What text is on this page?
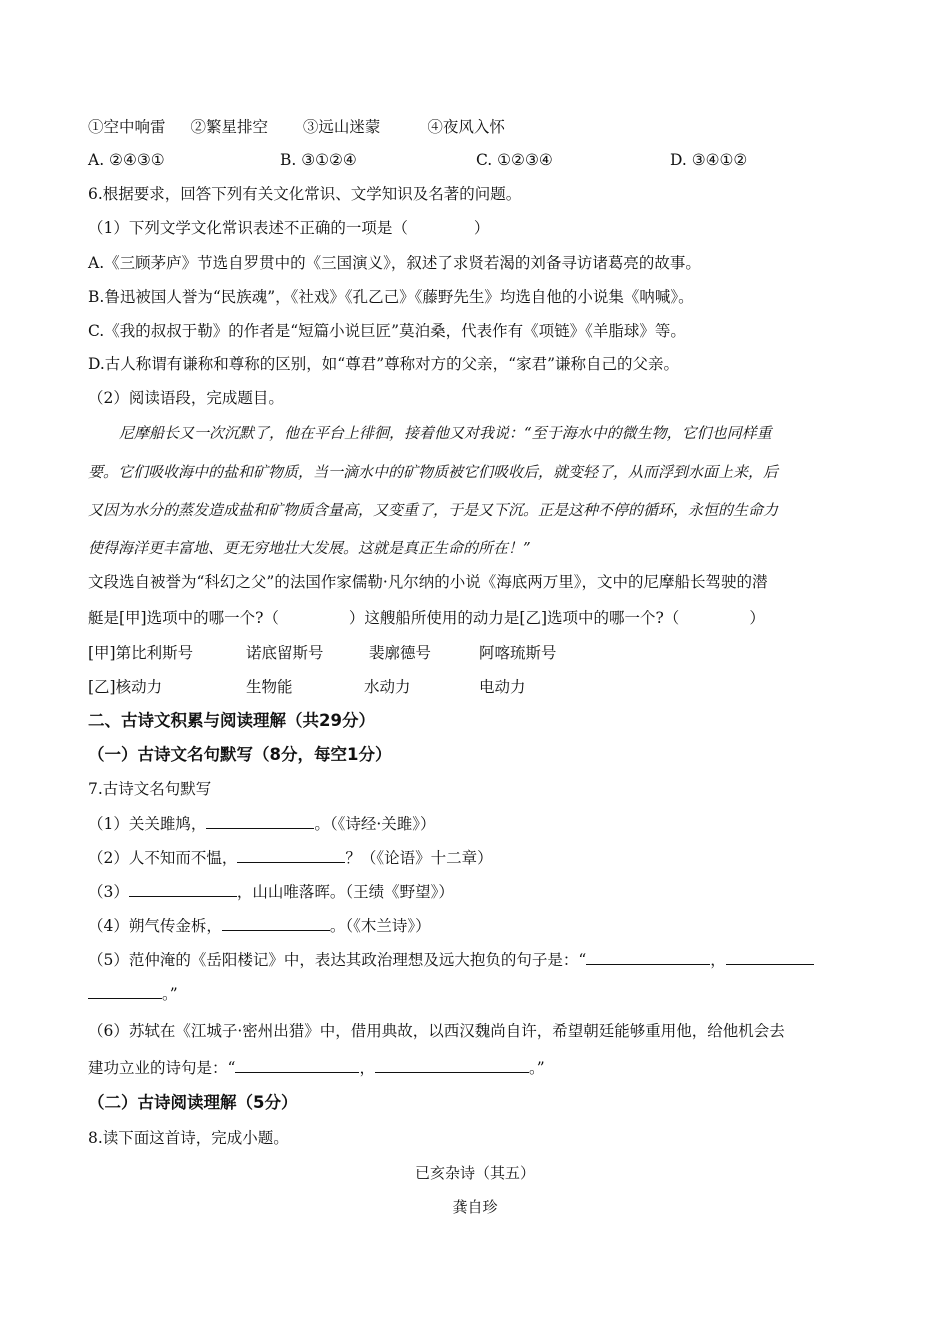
①空中响雷 ②繁星排空 ③远山迷蒙	④夜风入怀
A. ②④③①	B. ③①②④	C. ①②③④	D. ③④①②
6.根据要求，回答下列有关文化常识、文学知识及名著的问题。
（1）下列文学文化常识表述不正确的一项是（	）
A.《三顾茅庐》节选自罗贯中的《三国演义》，叙述了求贤若渴的刘备寻访诸葛亮的故事。
B.鲁迅被国人誉为“民族魂”，《社戏》《孔乙己》《藤野先生》均选自他的小说集《呐喊》。
C.《我的叔叔于勒》的作者是“短篇小说巨匠”莫泊桑，代表作有《项链》《羊脂球》等。
D.古人称谓有谦称和尊称的区别，如“尊君”尊称对方的父亲，“家君”谦称自己的父亲。
（2）阅读语段，完成题目。
尼摩船长又一次沉默了，他在平台上徘徊，接着他又对我说：“至于海水中的微生物，它们也同样重
要。它们吸收海中的盐和矿物质，当一滴水中的矿物质被它们吸收后，就变轻了，从而浮到水面上来，后
又因为水分的蒸发造成盐和矿物质含量高，又变重了，于是又下沉。正是这种不停的循环，永恒的生命力
使得海洋更丰富地、更无穷地壮大发展。这就是真正生命的所在！”
文段选自被誉为“科幻之父”的法国作家儒勒·凡尔纳的小说《海底两万里》，文中的尼摩船长驾驶的潜
艇是[甲]选项中的哪一个?（	）这艘船所使用的动力是[乙]选项中的哪一个?（	）
[甲]第比利斯号	诺底留斯号	裴廓德号	阿喀琉斯号
[乙]核动力	生物能	水动力	电动力
二、古诗文积累与阅读理解（共29分）
（一）古诗文名句默写（8分，每空1分）
7.古诗文名句默写
（1）关关雎鸠，	。（《诗经·关雎》）
（2）人不知而不愠，	？（《论语》十二章）
（3）	，山山唯落晖。（王绩《野望》）
（4）朔气传金柝，	。（《木兰诗》）
（5）范仲淹的《岳阳楼记》中，表达其政治理想及远大抱负的句子是：“	，
。”
（6）苏轼在《江城子·密州出猎》中，借用典故，以西汉魏尚自许，希望朝廷能够重用他，给他机会去
建功立业的诗句是：“	，	。”
（二）古诗阅读理解（5分）
8.读下面这首诗，完成小题。
已亥杂诗（其五）
龚自珍
